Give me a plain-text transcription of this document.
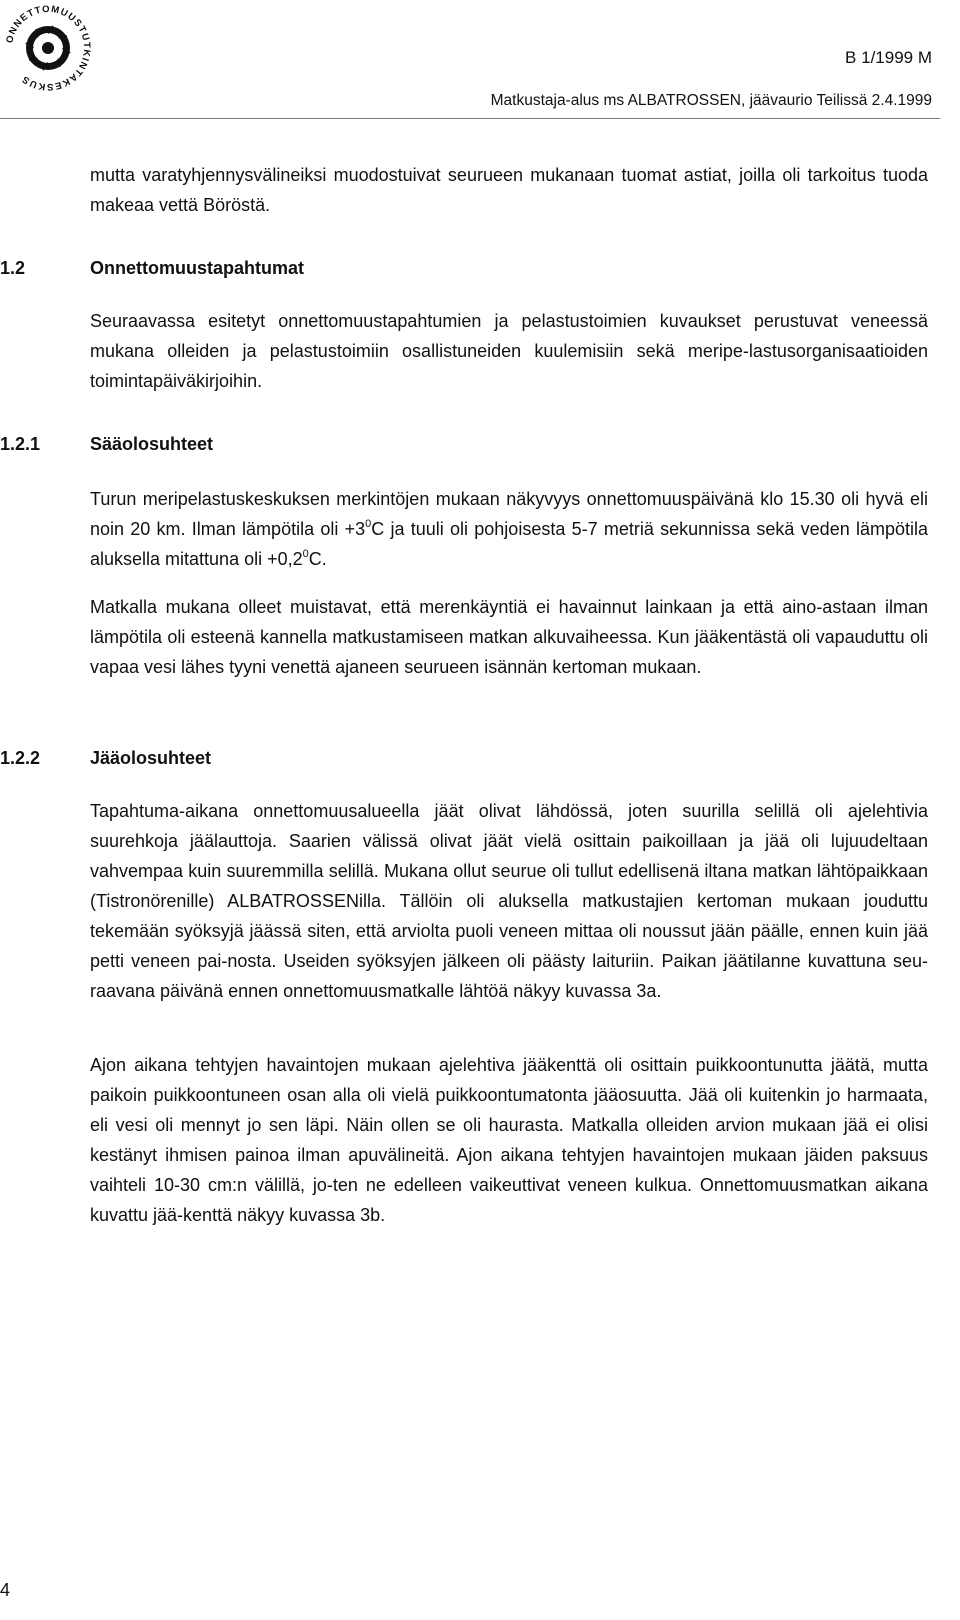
ONNETTOMUUSTUTKINTAKESKUS
B 1/1999 M
Matkustaja-alus ms ALBATROSSEN, jäävaurio Teilissä 2.4.1999
mutta varatyhjennysvälineiksi muodostuivat seurueen mukanaan tuomat astiat, joilla oli tarkoitus tuoda makeaa vettä Böröstä.
1.2	Onnettomuustapahtumat
Seuraavassa esitetyt onnettomuustapahtumien ja pelastustoimien kuvaukset perustuvat veneessä mukana olleiden ja pelastustoimiin osallistuneiden kuulemisiin sekä meripe-lastusorganisaatioiden toimintapäiväkirjoihin.
1.2.1	Sääolosuhteet
Turun meripelastuskeskuksen merkintöjen mukaan näkyvyys onnettomuuspäivänä klo 15.30 oli hyvä eli noin 20 km. Ilman lämpötila oli $+3^0C$ ja tuuli oli pohjoisesta 5-7 metriä sekunnissa sekä veden lämpötila aluksella mitattuna oli $+0,2^0C$.
Matkalla mukana olleet muistavat, että merenkäyntiä ei havainnut lainkaan ja että aino-astaan ilman lämpötila oli esteenä kannella matkustamiseen matkan alkuvaiheessa. Kun jääkentästä oli vapauduttu oli vapaa vesi lähes tyyni venettä ajaneen seurueen isännän kertoman mukaan.
1.2.2	Jääolosuhteet
Tapahtuma-aikana onnettomuusalueella jäät olivat lähdössä, joten suurilla selillä oli ajelehtivia suurehkoja jäälauttoja. Saarien välissä olivat jäät vielä osittain paikoillaan ja jää oli lujuudeltaan vahvempaa kuin suuremmilla selillä. Mukana ollut seurue oli tullut edellisenä iltana matkan lähtöpaikkaan (Tistronörenille) ALBATROSSENilla. Tällöin oli aluksella matkustajien kertoman mukaan jouduttu tekemään syöksyjä jäässä siten, että arviolta puoli veneen mittaa oli noussut jään päälle, ennen kuin jää petti veneen pai-nosta. Useiden syöksyjen jälkeen oli päästy laituriin. Paikan jäätilanne kuvattuna seu-raavana päivänä ennen onnettomuusmatkalle lähtöä näkyy kuvassa 3a.
Ajon aikana tehtyjen havaintojen mukaan ajelehtiva jääkenttä oli osittain puikkoontunutta jäätä, mutta paikoin puikkoontuneen osan alla oli vielä puikkoontumatonta jääosuutta. Jää oli kuitenkin jo harmaata, eli vesi oli mennyt jo sen läpi. Näin ollen se oli haurasta. Matkalla olleiden arvion mukaan jää ei olisi kestänyt ihmisen painoa ilman apuvälineitä. Ajon aikana tehtyjen havaintojen mukaan jäiden paksuus vaihteli 10-30 cm:n välillä, jo-ten ne edelleen vaikeuttivat veneen kulkua. Onnettomuusmatkan aikana kuvattu jää-kenttä näkyy kuvassa 3b.
4
